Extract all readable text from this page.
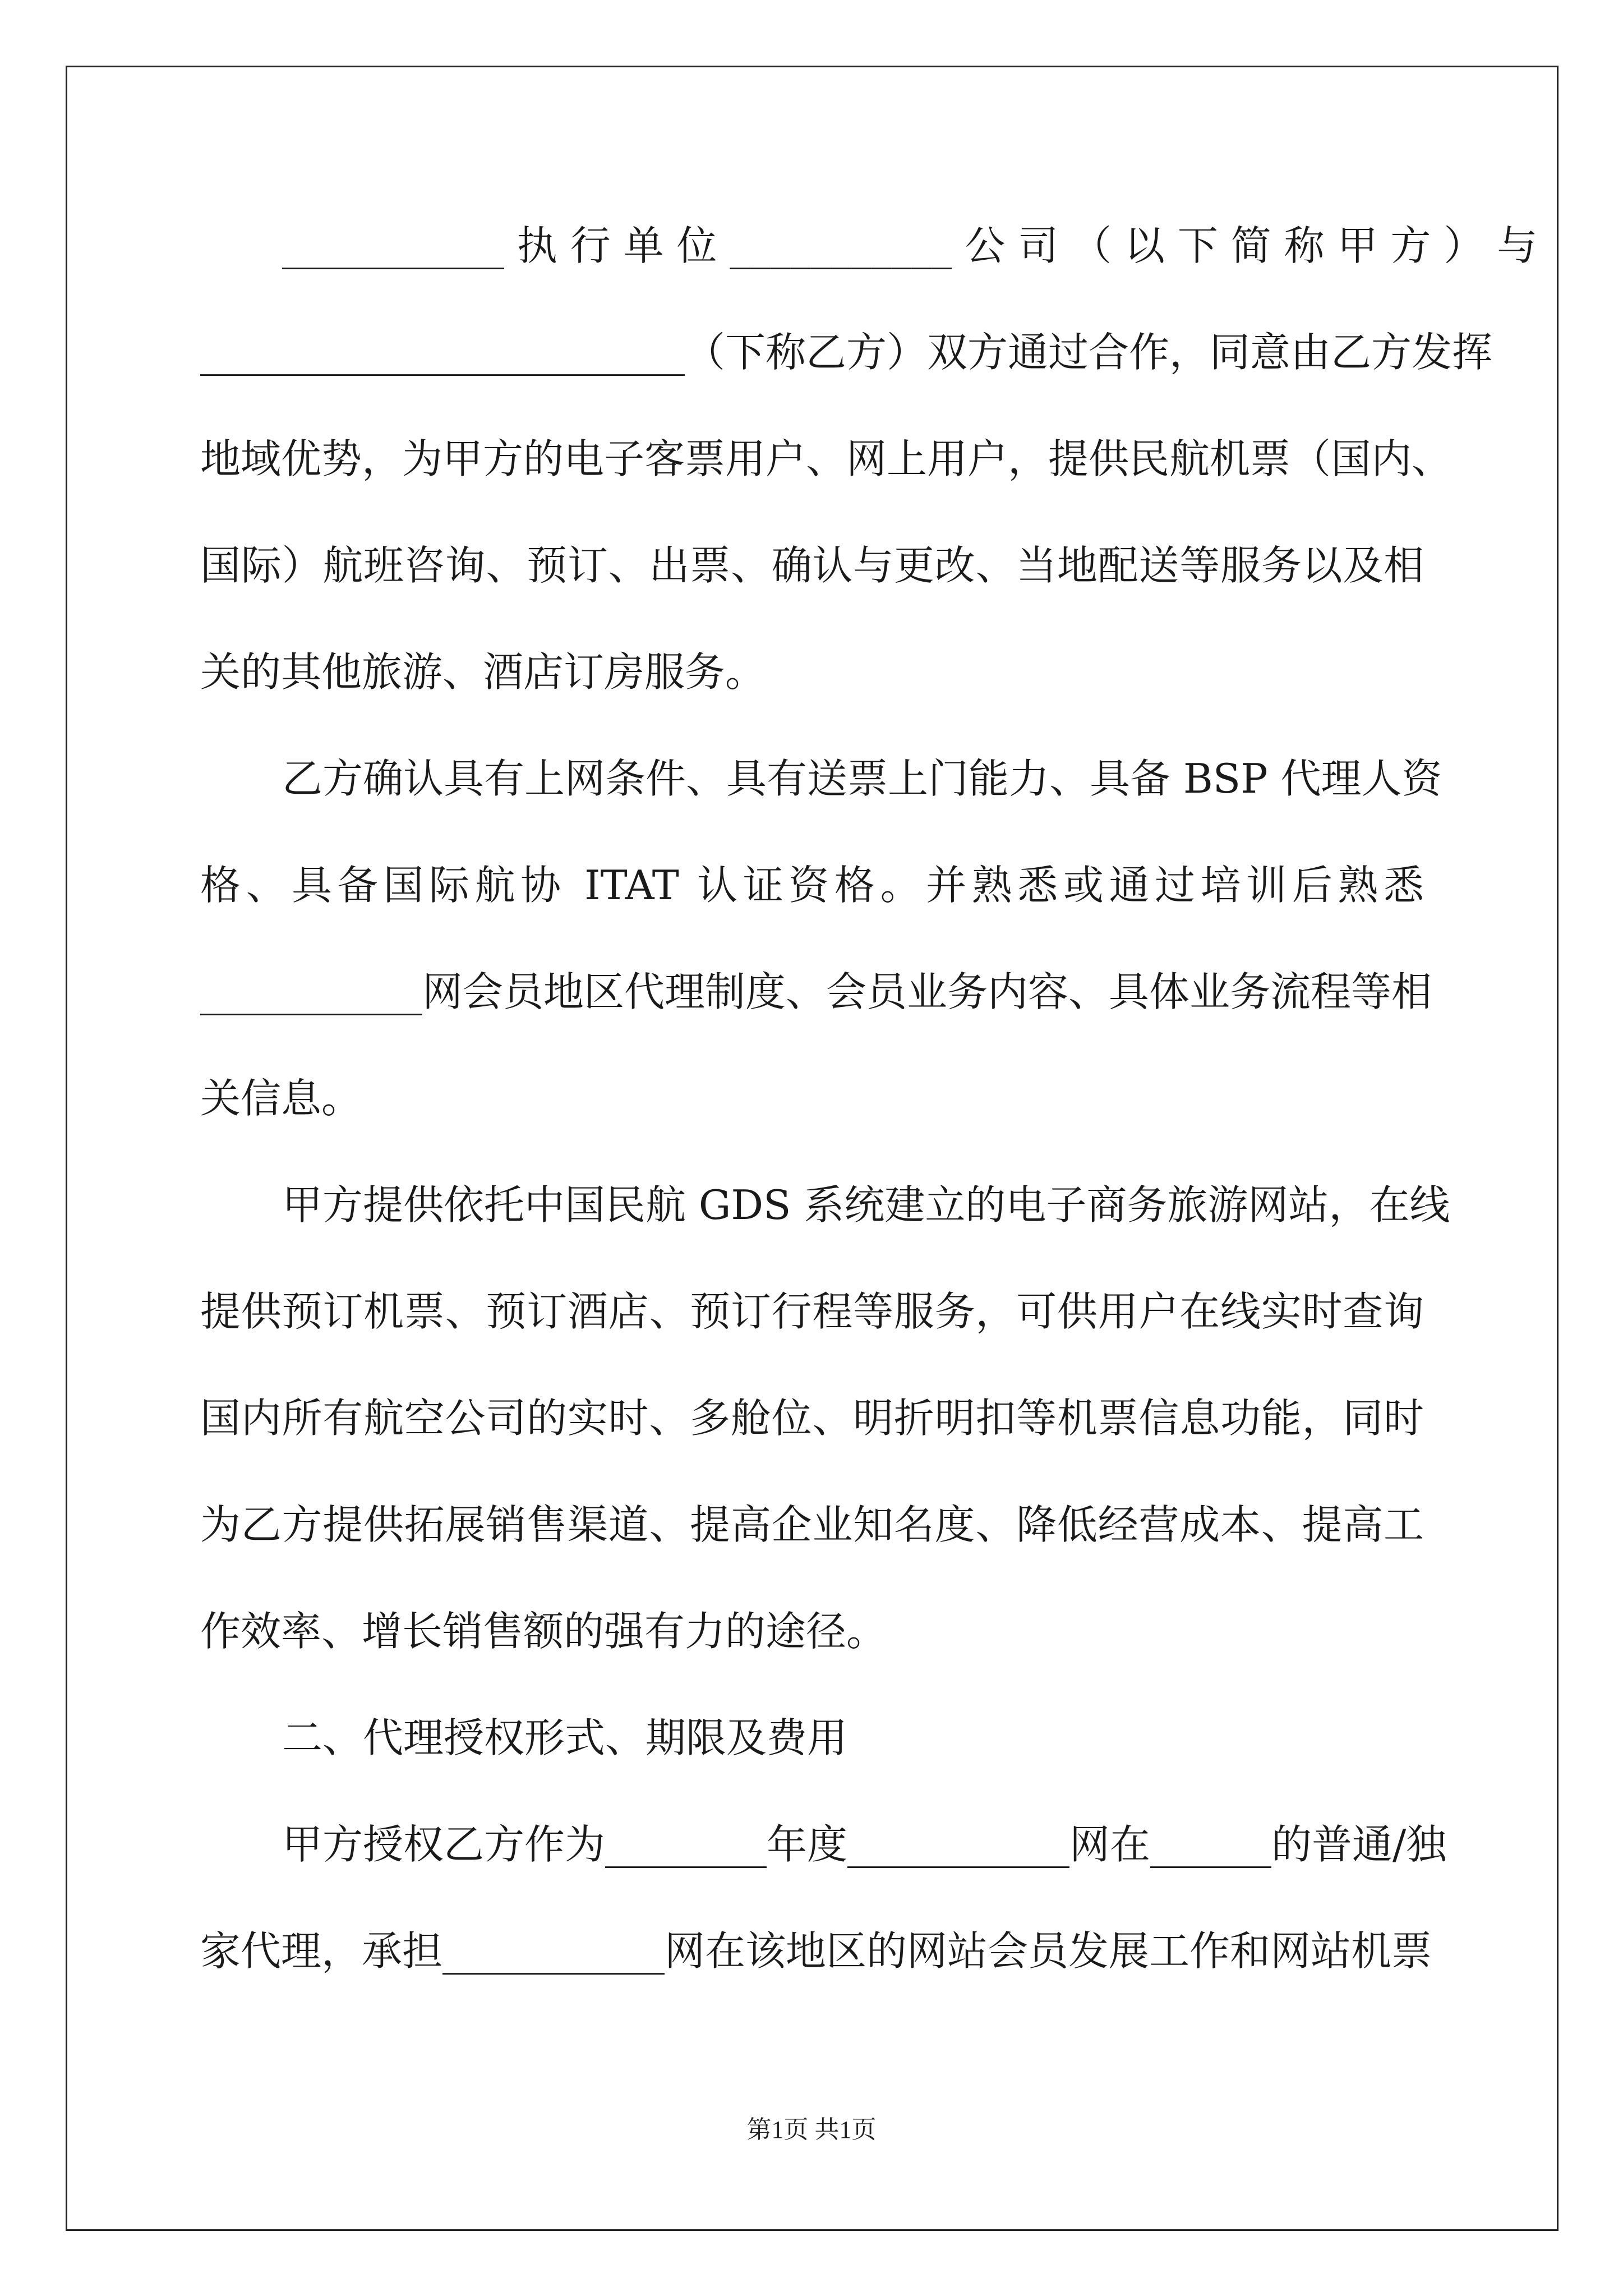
___________ 执 行 单 位 ___________ 公 司 （ 以 下 简 称 甲 方 ） 与
________________________（下称乙方）双方通过合作，同意由乙方发挥
地域优势，为甲方的电子客票用户、网上用户，提供民航机票（国内、
国际）航班咨询、预订、出票、确认与更改、当地配送等服务以及相
关的其他旅游、酒店订房服务。
乙方确认具有上网条件、具有送票上门能力、具备 BSP 代理人资
格、具备国际航协 ITAT 认证资格。并熟悉或通过培训后熟悉
___________网会员地区代理制度、会员业务内容、具体业务流程等相
关信息。
甲方提供依托中国民航 GDS 系统建立的电子商务旅游网站，在线
提供预订机票、预订酒店、预订行程等服务，可供用户在线实时查询
国内所有航空公司的实时、多舱位、明折明扣等机票信息功能，同时
为乙方提供拓展销售渠道、提高企业知名度、降低经营成本、提高工
作效率、增长销售额的强有力的途径。
二、代理授权形式、期限及费用
甲方授权乙方作为________年度___________网在______的普通/独
家代理，承担___________网在该地区的网站会员发展工作和网站机票
第1页 共1页
